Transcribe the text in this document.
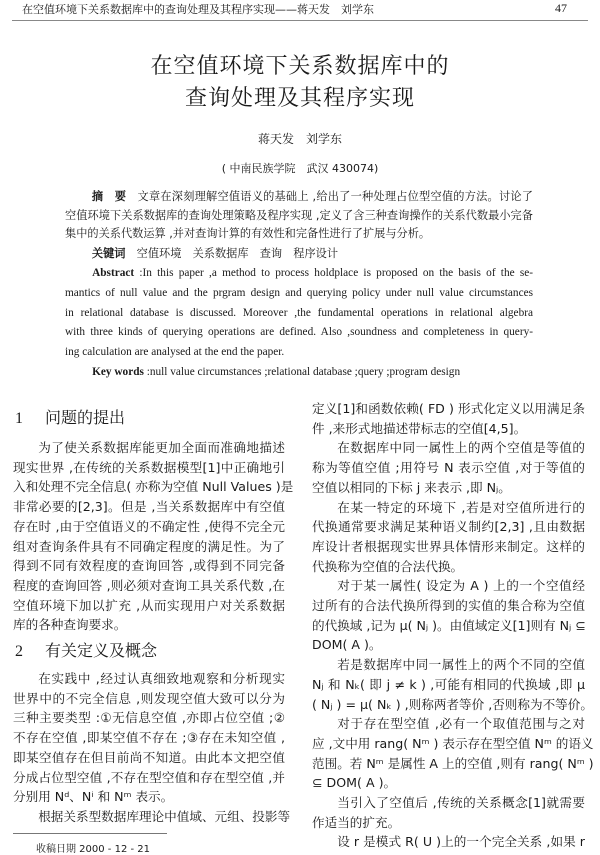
在空值环境下关系数据库中的查询处理及其程序实现——蒋天发　刘学东	47
在空值环境下关系数据库中的
查询处理及其程序实现
蒋天发　刘学东
( 中南民族学院　武汉 430074)
摘　要　 文章在深刻理解空值语义的基础上 ,给出了一种处理占位型空值的方法。讨论了
空值环境下关系数据库的查询处理策略及程序实现 ,定义了含三种查询操作的关系代数最小完备
集中的关系代数运算 ,并对查询计算的有效性和完备性进行了扩展与分析。
关键词　 空值环境　关系数据库　查询　程序设计
Abstract :In this paper ,a method to process holdplace is proposed on the basis of the se-
mantics of null value and the prgram design and querying policy under null value circumstances
in relational database is discussed. Moreover ,the fundamental operations in relational algebra
with three kinds of querying operations are defined. Also ,soundness and completeness in query-
ing calculation are analysed at the end the paper.
Key words :null value circumstances ;relational database ;query ;program design
1 问题的提出
为了使关系数据库能更加全面而准确地描述
现实世界 ,在传统的关系数据模型[1]中正确地引
入和处理不完全信息( 亦称为空值 Null Values )是
非常必要的[2,3]。但是 ,当关系数据库中有空值
存在时 ,由于空值语义的不确定性 ,使得不完全元
组对查询条件具有不同确定程度的满足性。为了
得到不同有效程度的查询回答 ,或得到不同完备
程度的查询回答 ,则必须对查询工具关系代数 ,在
空值环境下加以扩充 ,从而实现用户对关系数据
库的各种查询要求。
2 有关定义及概念
在实践中 ,经过认真细致地观察和分析现实
世界中的不完全信息 ,则发现空值大致可以分为
三种主要类型 :①无信息空值 ,亦即占位空值 ;②
不存在空值 ,即某空值不存在 ;③存在未知空值 ,
即某空值存在但目前尚不知道。由此本文把空值
分成占位型空值 ,不存在型空值和存在型空值 ,并
分别用 Nᵈ、Nⁱ 和 Nᵐ 表示。
根据关系型数据库理论中值域、元组、投影等
定义[1]和函数依赖( FD ) 形式化定义以用满足条
件 ,来形式地描述带标志的空值[4,5]。
在数据库中同一属性上的两个空值是等值的
称为等值空值 ;用符号 N 表示空值 ,对于等值的
空值以相同的下标 j 来表示 ,即 Nⱼ。
在某一特定的环境下 ,若是对空值所进行的
代换通常要求满足某种语义制约[2,3] ,且由数据
库设计者根据现实世界具体情形来制定。这样的
代换称为空值的合法代换。
对于某一属性( 设定为 A ) 上的一个空值经
过所有的合法代换所得到的实值的集合称为空值
的代换域 ,记为 μ( Nⱼ )。由值域定义[1]则有 Nⱼ ⊆
DOM( A )。
若是数据库中同一属性上的两个不同的空值
Nⱼ 和 Nₖ( 即 j ≠ k ) ,可能有相同的代换域 ,即 μ
( Nⱼ ) = μ( Nₖ ) ,则称两者等价 ,否则称为不等价。
对于存在型空值 ,必有一个取值范围与之对
应 ,文中用 rang( Nᵐ ) 表示存在型空值 Nᵐ 的语义
范围。若 Nᵐ 是属性 A 上的空值 ,则有 rang( Nᵐ )
⊆ DOM( A )。
当引入了空值后 ,传统的关系概念[1]就需要
作适当的扩充。
设 r 是模式 R( U )上的一个完全关系 ,如果 r
收稿日期 2000 - 12 - 21
